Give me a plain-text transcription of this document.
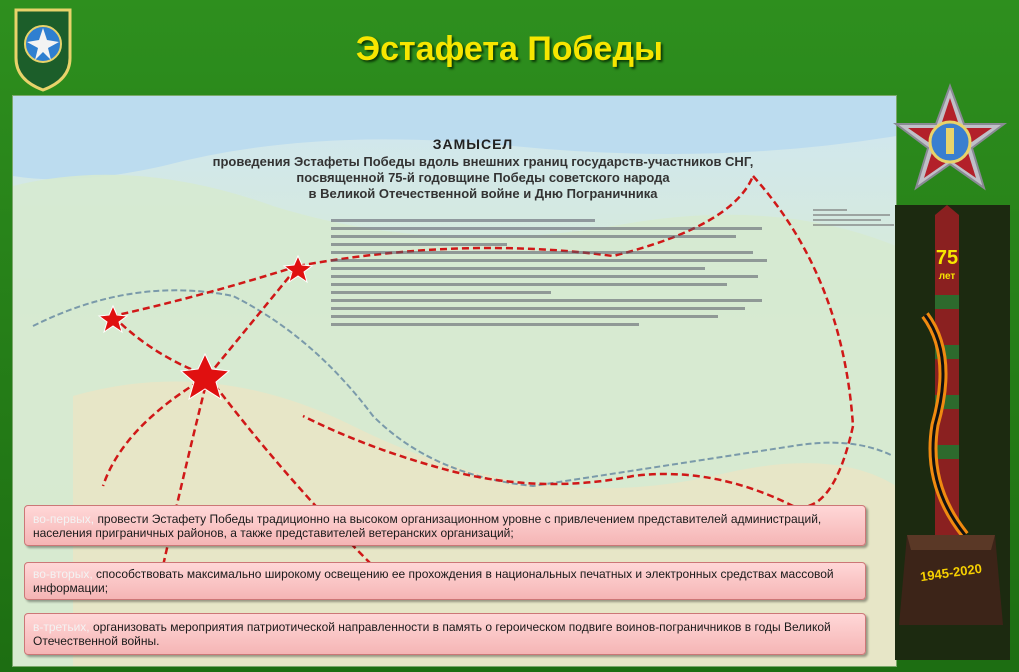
Эстафета Победы
ЗАМЫСЕЛ
проведения Эстафеты Победы вдоль внешних границ государств-участников СНГ,
посвященной 75-й годовщине Победы советского народа
в Великой Отечественной войне и Дню Пограничника
75
лет
1945-2020
во-первых, провести Эстафету Победы традиционно на высоком организационном уровне с привлечением представителей администраций, населения приграничных районов, а также представителей ветеранских организаций;
во-вторых, способствовать максимально широкому освещению ее прохождения в национальных печатных и электронных средствах массовой информации;
в-третьих, организовать мероприятия патриотической направленности в память о героическом подвиге воинов-пограничников в годы Великой Отечественной войны.
